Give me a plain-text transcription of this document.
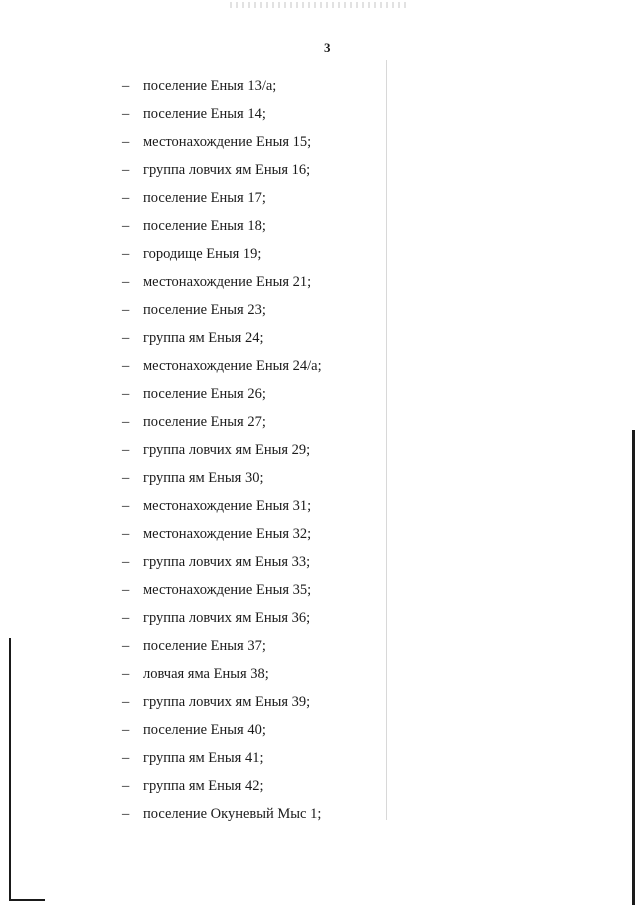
3
– поселение Еныя 13/а;
– поселение Еныя 14;
– местонахождение Еныя 15;
– группа ловчих ям Еныя 16;
– поселение Еныя 17;
– поселение Еныя 18;
– городище Еныя 19;
– местонахождение Еныя 21;
– поселение Еныя 23;
– группа ям Еныя 24;
– местонахождение Еныя 24/а;
– поселение Еныя 26;
– поселение Еныя 27;
– группа ловчих ям Еныя 29;
– группа ям Еныя 30;
– местонахождение Еныя 31;
– местонахождение Еныя 32;
– группа ловчих ям Еныя 33;
– местонахождение Еныя 35;
– группа ловчих ям Еныя 36;
– поселение Еныя 37;
– ловчая яма Еныя 38;
– группа ловчих ям Еныя 39;
– поселение Еныя 40;
– группа ям Еныя 41;
– группа ям Еныя 42;
– поселение Окуневый Мыс 1;
